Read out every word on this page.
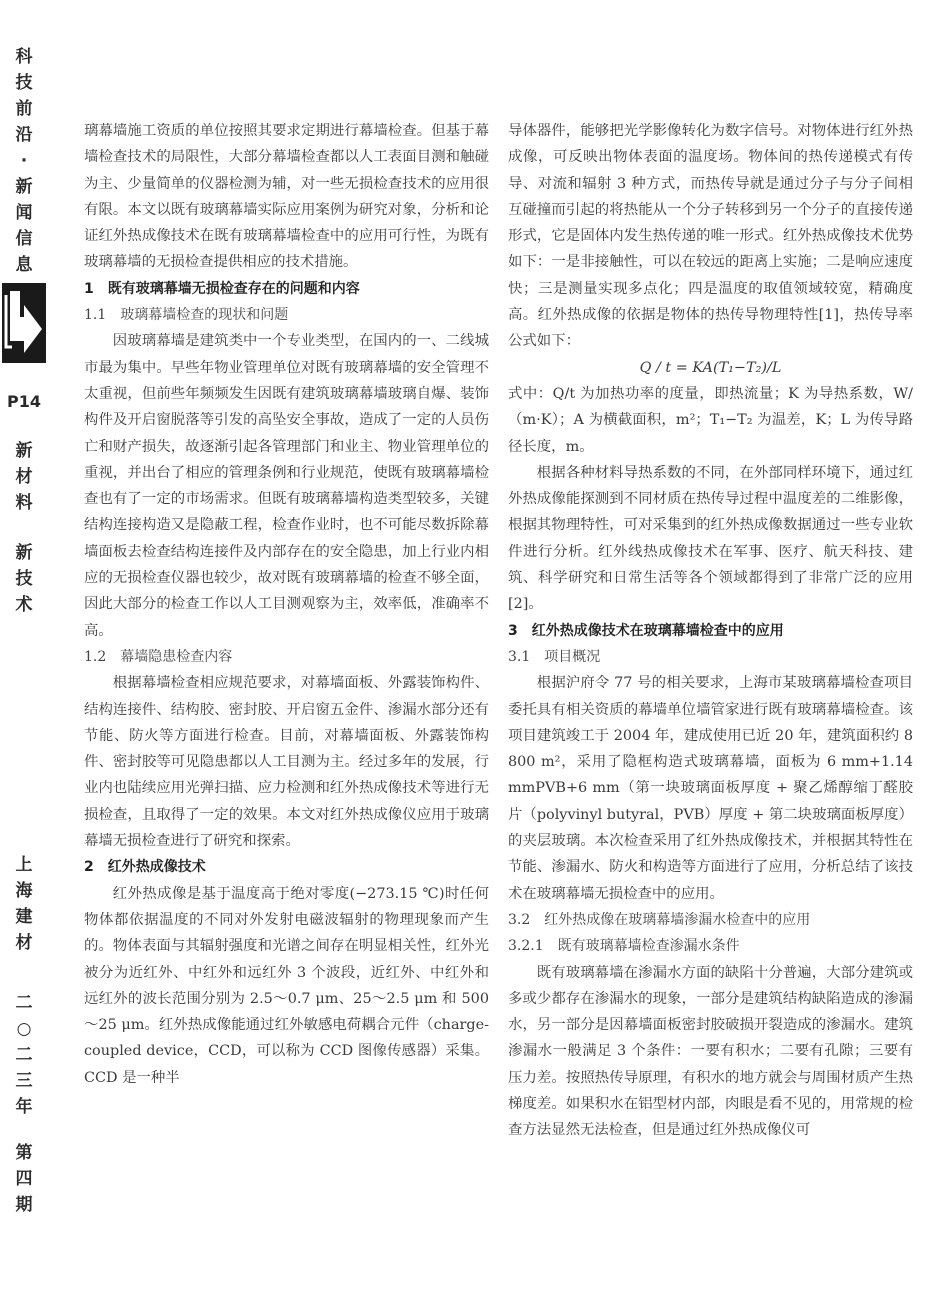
科
技
前
沿
·
新
闻
信
息
P14
新
材
料
新
技
术
上
海
建
材
二
○
二
三
年
第
四
期

璃幕墙施工资质的单位按照其要求定期进行幕墙检查。但基于幕墙检查技术的局限性，大部分幕墙检查都以人工表面目测和触碰为主、少量简单的仪器检测为辅，对一些无损检查技术的应用很有限。本文以既有玻璃幕墙实际应用案例为研究对象，分析和论证红外热成像技术在既有玻璃幕墙检查中的应用可行性，为既有玻璃幕墙的无损检查提供相应的技术措施。

1　既有玻璃幕墙无损检查存在的问题和内容
1.1　玻璃幕墙检查的现状和问题

因玻璃幕墙是建筑类中一个专业类型，在国内的一、二线城市最为集中。早些年物业管理单位对既有玻璃幕墙的安全管理不太重视，但前些年频频发生因既有建筑玻璃幕墙玻璃自爆、装饰构件及开启窗脱落等引发的高坠安全事故，造成了一定的人员伤亡和财产损失，故逐渐引起各管理部门和业主、物业管理单位的重视，并出台了相应的管理条例和行业规范，使既有玻璃幕墙检查也有了一定的市场需求。但既有玻璃幕墙构造类型较多，关键结构连接构造又是隐蔽工程，检查作业时，也不可能尽数拆除幕墙面板去检查结构连接件及内部存在的安全隐患，加上行业内相应的无损检查仪器也较少，故对既有玻璃幕墙的检查不够全面，因此大部分的检查工作以人工目测观察为主，效率低，准确率不高。

1.2　幕墙隐患检查内容

根据幕墙检查相应规范要求，对幕墙面板、外露装饰构件、结构连接件、结构胶、密封胶、开启窗五金件、渗漏水部分还有节能、防火等方面进行检查。目前，对幕墙面板、外露装饰构件、密封胶等可见隐患都以人工目测为主。经过多年的发展，行业内也陆续应用光弹扫描、应力检测和红外热成像技术等进行无损检查，且取得了一定的效果。本文对红外热成像仪应用于玻璃幕墙无损检查进行了研究和探索。

2　红外热成像技术

红外热成像是基于温度高于绝对零度(−273.15 ℃)时任何物体都依据温度的不同对外发射电磁波辐射的物理现象而产生的。物体表面与其辐射强度和光谱之间存在明显相关性，红外光被分为近红外、中红外和远红外 3 个波段，近红外、中红外和远红外的波长范围分别为 2.5～0.7 μm、25～2.5 μm 和 500～25 μm。红外热成像能通过红外敏感电荷耦合元件（charge-coupled device，CCD，可以称为 CCD 图像传感器）采集。CCD 是一种半

导体器件，能够把光学影像转化为数字信号。对物体进行红外热成像，可反映出物体表面的温度场。物体间的热传递模式有传导、对流和辐射 3 种方式，而热传导就是通过分子与分子间相互碰撞而引起的将热能从一个分子转移到另一个分子的直接传递形式，它是固体内发生热传递的唯一形式。红外热成像技术优势如下：一是非接触性，可以在较远的距离上实施；二是响应速度快；三是测量实现多点化；四是温度的取值领域较宽，精确度高。红外热成像的依据是物体的热传导物理特性[1]，热传导率公式如下：

Q / t = KA(T₁−T₂)/L

式中：Q/t 为加热功率的度量，即热流量；K 为导热系数，W/（m·K）；A 为横截面积，m²；T₁−T₂ 为温差，K；L 为传导路径长度，m。

根据各种材料导热系数的不同，在外部同样环境下，通过红外热成像能探测到不同材质在热传导过程中温度差的二维影像，根据其物理特性，可对采集到的红外热成像数据通过一些专业软件进行分析。红外线热成像技术在军事、医疗、航天科技、建筑、科学研究和日常生活等各个领域都得到了非常广泛的应用[2]。

3　红外热成像技术在玻璃幕墙检查中的应用
3.1　项目概况

根据沪府令 77 号的相关要求，上海市某玻璃幕墙检查项目委托具有相关资质的幕墙单位墙管家进行既有玻璃幕墙检查。该项目建筑竣工于 2004 年，建成使用已近 20 年，建筑面积约 8 800 m²，采用了隐框构造式玻璃幕墙，面板为 6 mm+1.14 mmPVB+6 mm（第一块玻璃面板厚度 + 聚乙烯醇缩丁醛胶片（polyvinyl butyral，PVB）厚度 + 第二块玻璃面板厚度）的夹层玻璃。本次检查采用了红外热成像技术，并根据其特性在节能、渗漏水、防火和构造等方面进行了应用，分析总结了该技术在玻璃幕墙无损检查中的应用。

3.2　红外热成像在玻璃幕墙渗漏水检查中的应用
3.2.1　既有玻璃幕墙检查渗漏水条件

既有玻璃幕墙在渗漏水方面的缺陷十分普遍，大部分建筑或多或少都存在渗漏水的现象，一部分是建筑结构缺陷造成的渗漏水，另一部分是因幕墙面板密封胶破损开裂造成的渗漏水。建筑渗漏水一般满足 3 个条件：一要有积水；二要有孔隙；三要有压力差。按照热传导原理，有积水的地方就会与周围材质产生热梯度差。如果积水在铝型材内部，肉眼是看不见的，用常规的检查方法显然无法检查，但是通过红外热成像仪可
